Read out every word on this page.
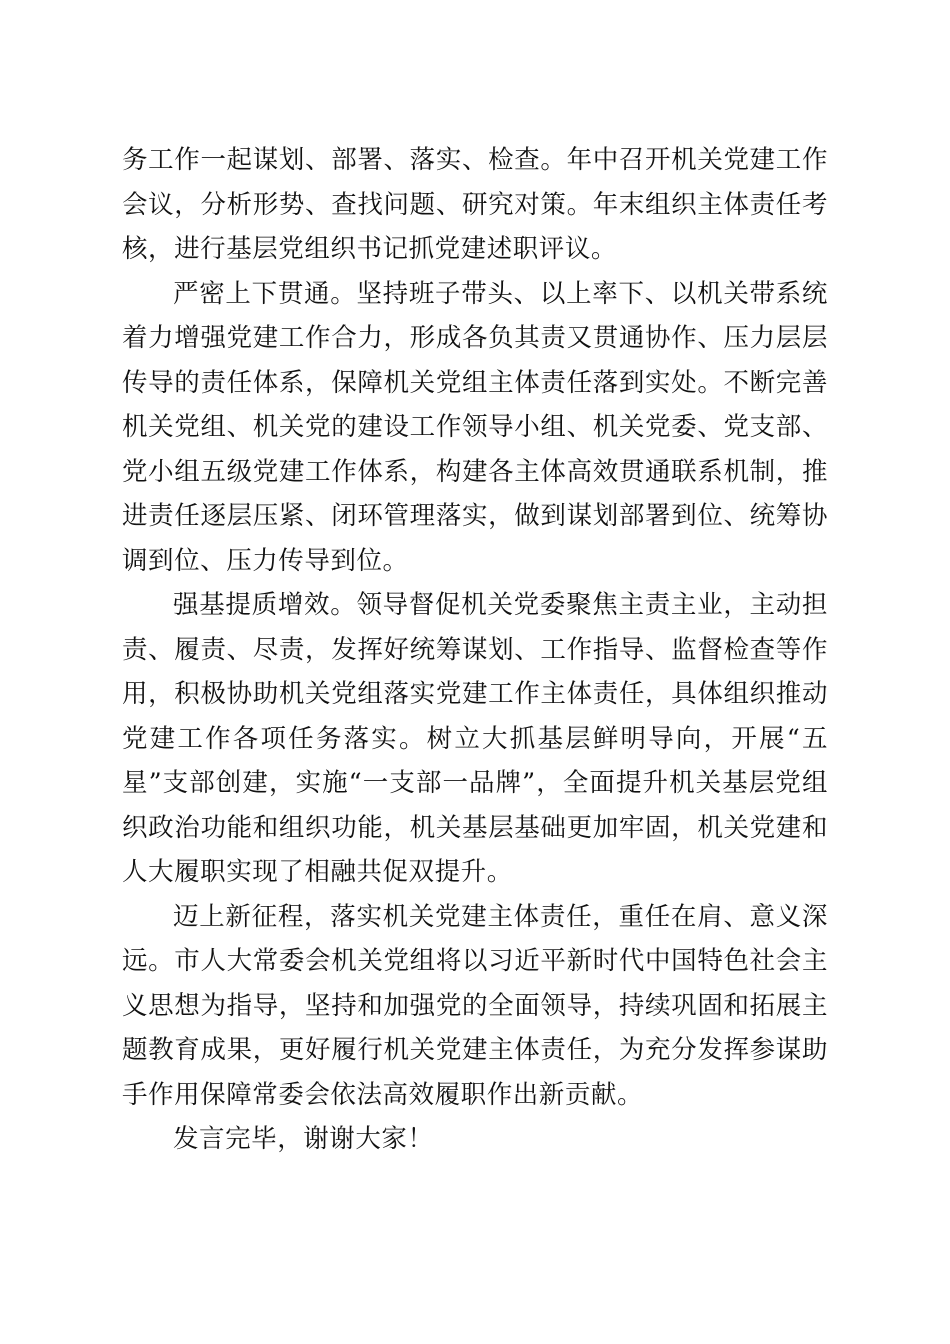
务工作一起谋划、部署、落实、检查。年中召开机关党建工作会议，分析形势、查找问题、研究对策。年末组织主体责任考核，进行基层党组织书记抓党建述职评议。

严密上下贯通。坚持班子带头、以上率下、以机关带系统着力增强党建工作合力，形成各负其责又贯通协作、压力层层传导的责任体系，保障机关党组主体责任落到实处。不断完善机关党组、机关党的建设工作领导小组、机关党委、党支部、党小组五级党建工作体系，构建各主体高效贯通联系机制，推进责任逐层压紧、闭环管理落实，做到谋划部署到位、统筹协调到位、压力传导到位。

强基提质增效。领导督促机关党委聚焦主责主业，主动担责、履责、尽责，发挥好统筹谋划、工作指导、监督检查等作用，积极协助机关党组落实党建工作主体责任，具体组织推动党建工作各项任务落实。树立大抓基层鲜明导向，开展“五星”支部创建，实施“一支部一品牌”，全面提升机关基层党组织政治功能和组织功能，机关基层基础更加牢固，机关党建和人大履职实现了相融共促双提升。

迈上新征程，落实机关党建主体责任，重任在肩、意义深远。市人大常委会机关党组将以习近平新时代中国特色社会主义思想为指导，坚持和加强党的全面领导，持续巩固和拓展主题教育成果，更好履行机关党建主体责任，为充分发挥参谋助手作用保障常委会依法高效履职作出新贡献。

发言完毕，谢谢大家！
